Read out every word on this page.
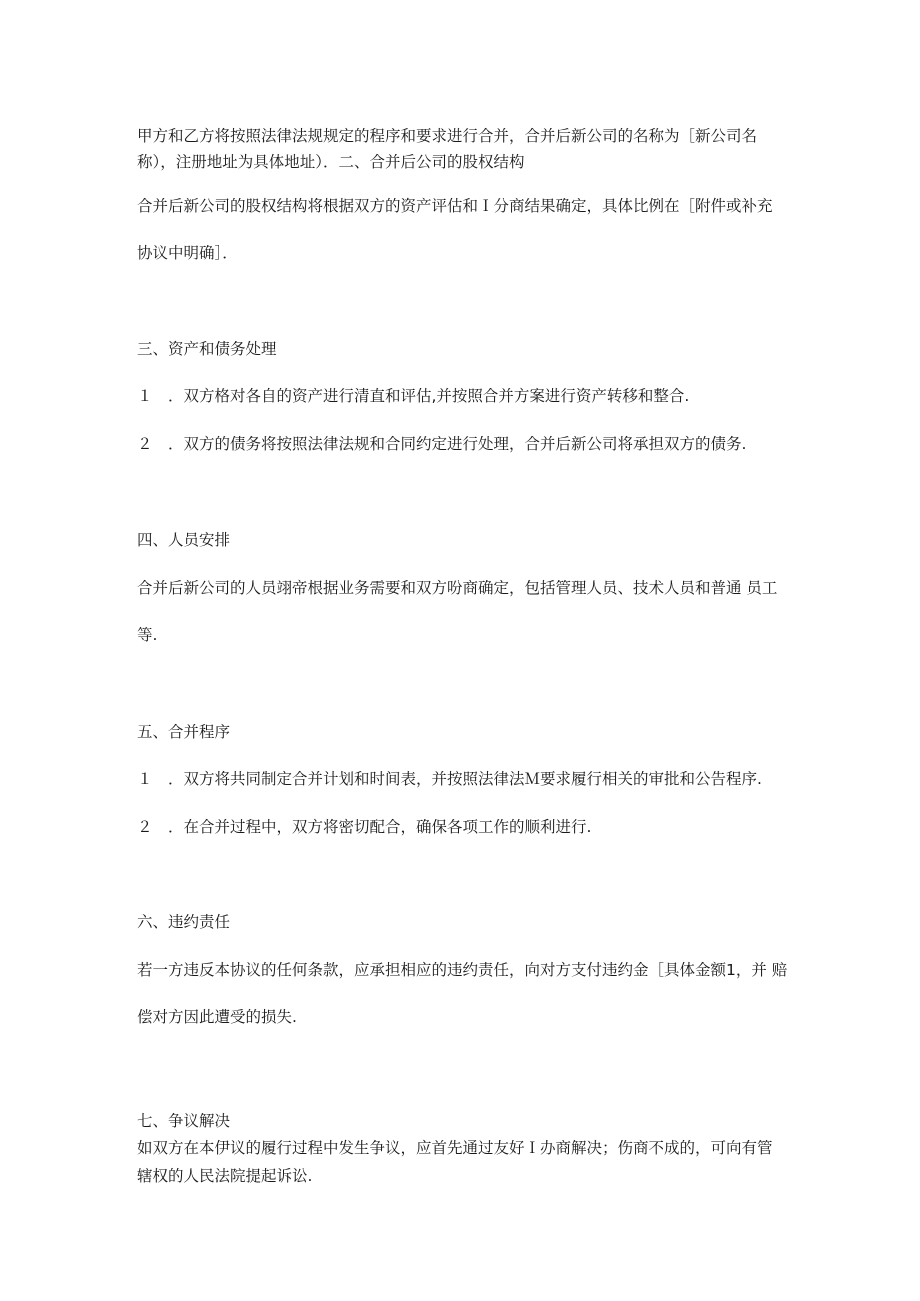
甲方和乙方将按照法律法规规定的程序和要求进行合并，合并后新公司的名称为［新公司名

称），注册地址为具体地址）．二、合并后公司的股权结构

合并后新公司的股权结构将根据双方的资产评估和Ｉ分商结果确定，具体比例在［附件或补充

协议中明确］．

三、资产和债务处理

１　．双方格对各自的资产进行清直和评估,并按照合并方案进行资产转移和整合.

２　．双方的债务将按照法律法规和合同约定进行处理，合并后新公司将承担双方的债务.

四、人员安排

合并后新公司的人员翊帝根据业务需要和双方吩商确定，包括管理人员、技术人员和普通 员工

等.

五、合并程序

１　．双方将共同制定合并计划和时间表，并按照法律法Ｍ要求履行相关的审批和公告程序.

２　．在合并过程中，双方将密切配合，确保各项工作的顺利进行.

六、违约责任

若一方违反本协议的任何条款，应承担相应的违约责任，向对方支付违约金［具体金额1，并 赔

偿对方因此遭受的损失.

七、争议解决

如双方在本伊议的履行过程中发生争议，应首先通过友好Ｉ办商解决；伤商不成的，可向有管

辖权的人民法院提起诉讼.
